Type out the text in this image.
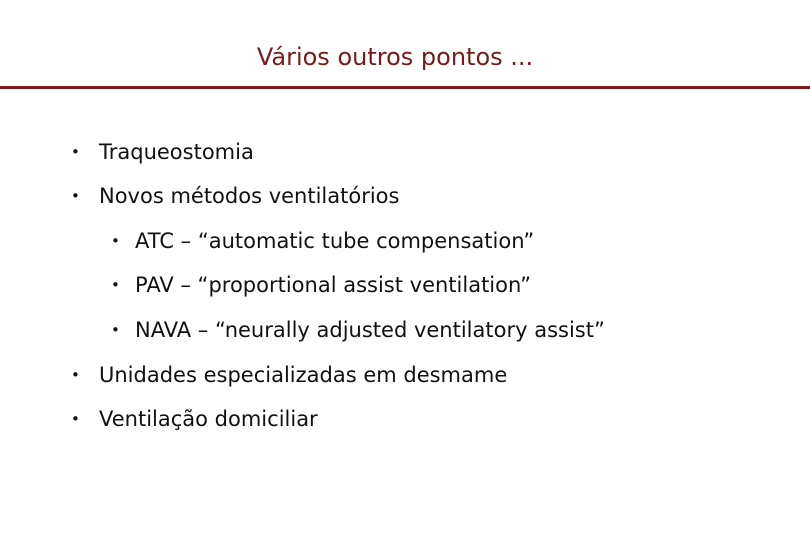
Vários outros pontos ...
• Traqueostomia
• Novos métodos ventilatórios
• ATC – “automatic tube compensation”
• PAV – “proportional assist ventilation”
• NAVA – “neurally adjusted ventilatory assist”
• Unidades especializadas em desmame
• Ventilação domiciliar
